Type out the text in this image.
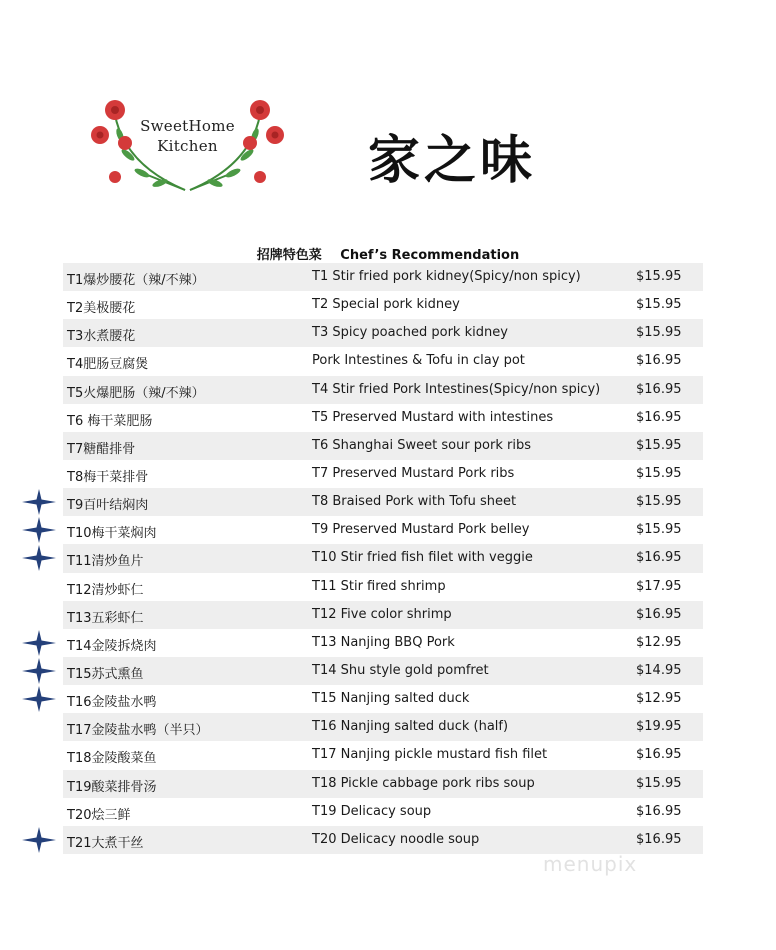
SweetHome
Kitchen	家之味
招牌特色菜 Chef’s Recommendation
T1爆炒腰花（辣/不辣）	T1 Stir fried pork kidney(Spicy/non spicy)	$15.95
T2美极腰花	T2 Special pork kidney	$15.95
T3水煮腰花	T3 Spicy poached pork kidney	$15.95
T4肥肠豆腐煲	Pork Intestines & Tofu in clay pot	$16.95
T5火爆肥肠（辣/不辣）	T4 Stir fried Pork Intestines(Spicy/non spicy)	$16.95
T6 梅干菜肥肠	T5 Preserved Mustard with intestines	$16.95
T7糖醋排骨	T6 Shanghai Sweet sour pork ribs	$15.95
T8梅干菜排骨	T7 Preserved Mustard Pork ribs	$15.95
T9百叶结焖肉	T8 Braised Pork with Tofu sheet	$15.95
T10梅干菜焖肉	T9 Preserved Mustard Pork belley	$15.95
T11清炒鱼片	T10 Stir fried fish filet with veggie	$16.95
T12清炒虾仁	T11 Stir fired shrimp	$17.95
T13五彩虾仁	T12 Five color shrimp	$16.95
T14金陵拆烧肉	T13 Nanjing BBQ Pork	$12.95
T15苏式熏鱼	T14 Shu style gold pomfret	$14.95
T16金陵盐水鸭	T15 Nanjing salted duck	$12.95
T17金陵盐水鸭（半只）	T16 Nanjing salted duck (half)	$19.95
T18金陵酸菜鱼	T17 Nanjing pickle mustard fish filet	$16.95
T19酸菜排骨汤	T18 Pickle cabbage pork ribs soup	$15.95
T20烩三鲜	T19 Delicacy soup	$16.95
T21大煮干丝	T20 Delicacy noodle soup	$16.95
menupix
